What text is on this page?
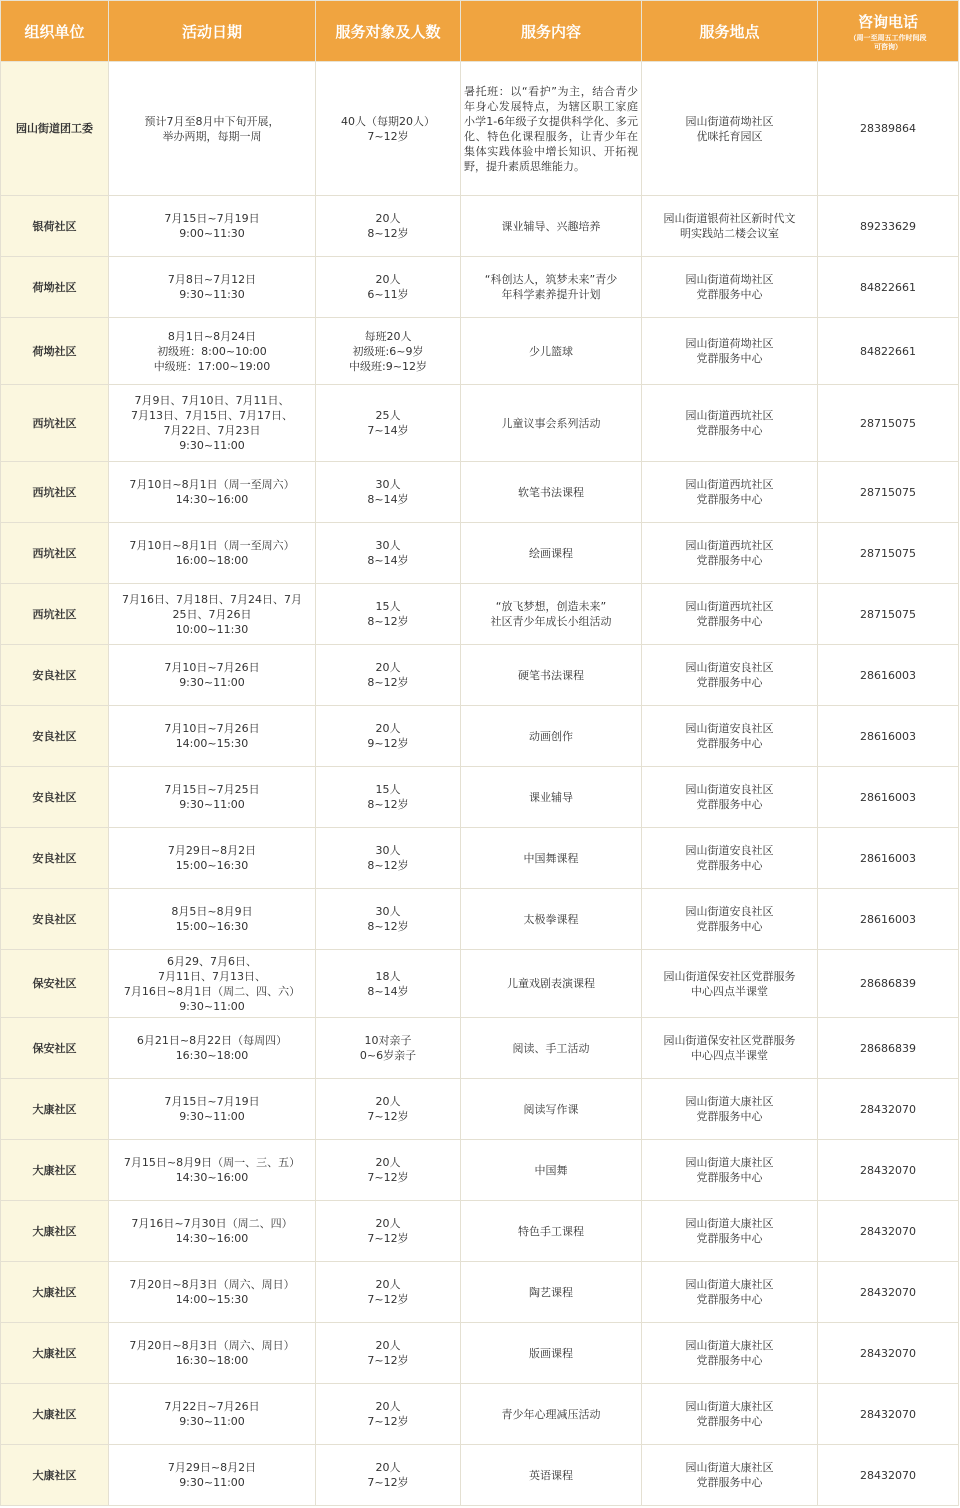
组织单位	活动日期	服务对象及人数	服务内容	服务地点	咨询电话
（周一至周五工作时间段
可咨询）

园山街道团工委	预计7月至8月中下旬开展，
举办两期，每期一周	40人（每期20人）
7~12岁	暑托班：以“看护”为主，结合青少年身心发展特点，为辖区职工家庭小学1-6年级子女提供科学化、多元化、特色化课程服务，让青少年在集体实践体验中增长知识、开拓视野，提升素质思维能力。	园山街道荷坳社区
优咪托育园区	28389864
银荷社区	7月15日~7月19日
9:00~11:30	20人
8~12岁	课业辅导、兴趣培养	园山街道银荷社区新时代文
明实践站二楼会议室	89233629
荷坳社区	7月8日~7月12日
9:30~11:30	20人
6~11岁	“科创达人，筑梦未来”青少
年科学素养提升计划	园山街道荷坳社区
党群服务中心	84822661
荷坳社区	8月1日~8月24日
初级班：8:00~10:00
中级班：17:00~19:00	每班20人
初级班:6~9岁
中级班:9~12岁	少儿篮球	园山街道荷坳社区
党群服务中心	84822661
西坑社区	7月9日、7月10日、7月11日、
7月13日、7月15日、7月17日、
7月22日、7月23日
9:30~11:00	25人
7~14岁	儿童议事会系列活动	园山街道西坑社区
党群服务中心	28715075
西坑社区	7月10日~8月1日（周一至周六）
14:30~16:00	30人
8~14岁	软笔书法课程	园山街道西坑社区
党群服务中心	28715075
西坑社区	7月10日~8月1日（周一至周六）
16:00~18:00	30人
8~14岁	绘画课程	园山街道西坑社区
党群服务中心	28715075
西坑社区	7月16日、7月18日、7月24日、7月
25日、7月26日
10:00~11:30	15人
8~12岁	“放飞梦想，创造未来”
社区青少年成长小组活动	园山街道西坑社区
党群服务中心	28715075
安良社区	7月10日~7月26日
9:30~11:00	20人
8~12岁	硬笔书法课程	园山街道安良社区
党群服务中心	28616003
安良社区	7月10日~7月26日
14:00~15:30	20人
9~12岁	动画创作	园山街道安良社区
党群服务中心	28616003
安良社区	7月15日~7月25日
9:30~11:00	15人
8~12岁	课业辅导	园山街道安良社区
党群服务中心	28616003
安良社区	7月29日~8月2日
15:00~16:30	30人
8~12岁	中国舞课程	园山街道安良社区
党群服务中心	28616003
安良社区	8月5日~8月9日
15:00~16:30	30人
8~12岁	太极拳课程	园山街道安良社区
党群服务中心	28616003
保安社区	6月29、7月6日、
7月11日、7月13日、
7月16日~8月1日（周二、四、六）
9:30~11:00	18人
8~14岁	儿童戏剧表演课程	园山街道保安社区党群服务
中心四点半课堂	28686839
保安社区	6月21日~8月22日（每周四）
16:30~18:00	10对亲子
0~6岁亲子	阅读、手工活动	园山街道保安社区党群服务
中心四点半课堂	28686839
大康社区	7月15日~7月19日
9:30~11:00	20人
7~12岁	阅读写作课	园山街道大康社区
党群服务中心	28432070
大康社区	7月15日~8月9日（周一、三、五）
14:30~16:00	20人
7~12岁	中国舞	园山街道大康社区
党群服务中心	28432070
大康社区	7月16日~7月30日（周二、四）
14:30~16:00	20人
7~12岁	特色手工课程	园山街道大康社区
党群服务中心	28432070
大康社区	7月20日~8月3日（周六、周日）
14:00~15:30	20人
7~12岁	陶艺课程	园山街道大康社区
党群服务中心	28432070
大康社区	7月20日~8月3日（周六、周日）
16:30~18:00	20人
7~12岁	版画课程	园山街道大康社区
党群服务中心	28432070
大康社区	7月22日~7月26日
9:30~11:00	20人
7~12岁	青少年心理减压活动	园山街道大康社区
党群服务中心	28432070
大康社区	7月29日~8月2日
9:30~11:00	20人
7~12岁	英语课程	园山街道大康社区
党群服务中心	28432070
